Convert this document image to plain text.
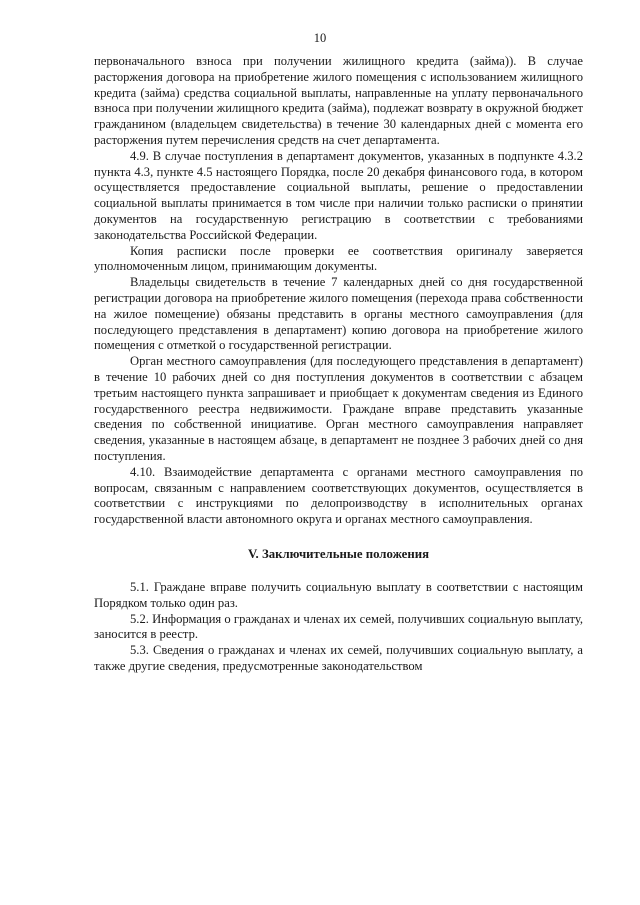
10

первоначального взноса при получении жилищного кредита (займа)). В случае расторжения договора на приобретение жилого помещения с использованием жилищного кредита (займа) средства социальной выплаты, направленные на уплату первоначального взноса при получении жилищного кредита (займа), подлежат возврату в окружной бюджет гражданином (владельцем свидетельства) в течение 30 календарных дней с момента его расторжения путем перечисления средств на счет департамента.

4.9. В случае поступления в департамент документов, указанных в подпункте 4.3.2 пункта 4.3, пункте 4.5 настоящего Порядка, после 20 декабря финансового года, в котором осуществляется предоставление социальной выплаты, решение о предоставлении социальной выплаты принимается в том числе при наличии только расписки о принятии документов на государственную регистрацию в соответствии с требованиями законодательства Российской Федерации.

Копия расписки после проверки ее соответствия оригиналу заверяется уполномоченным лицом, принимающим документы.

Владельцы свидетельств в течение 7 календарных дней со дня государственной регистрации договора на приобретение жилого помещения (перехода права собственности на жилое помещение) обязаны представить в органы местного самоуправления (для последующего представления в департамент) копию договора на приобретение жилого помещения с отметкой о государственной регистрации.

Орган местного самоуправления (для последующего представления в департамент) в течение 10 рабочих дней со дня поступления документов в соответствии с абзацем третьим настоящего пункта запрашивает и приобщает к документам сведения из Единого государственного реестра недвижимости. Граждане вправе представить указанные сведения по собственной инициативе. Орган местного самоуправления направляет сведения, указанные в настоящем абзаце, в департамент не позднее 3 рабочих дней со дня поступления.

4.10. Взаимодействие департамента с органами местного самоуправления по вопросам, связанным с направлением соответствующих документов, осуществляется в соответствии с инструкциями по делопроизводству в исполнительных органах государственной власти автономного округа и органах местного самоуправления.

V. Заключительные положения

5.1. Граждане вправе получить социальную выплату в соответствии с настоящим Порядком только один раз.

5.2. Информация о гражданах и членах их семей, получивших социальную выплату, заносится в реестр.

5.3. Сведения о гражданах и членах их семей, получивших социальную выплату, а также другие сведения, предусмотренные законодательством
